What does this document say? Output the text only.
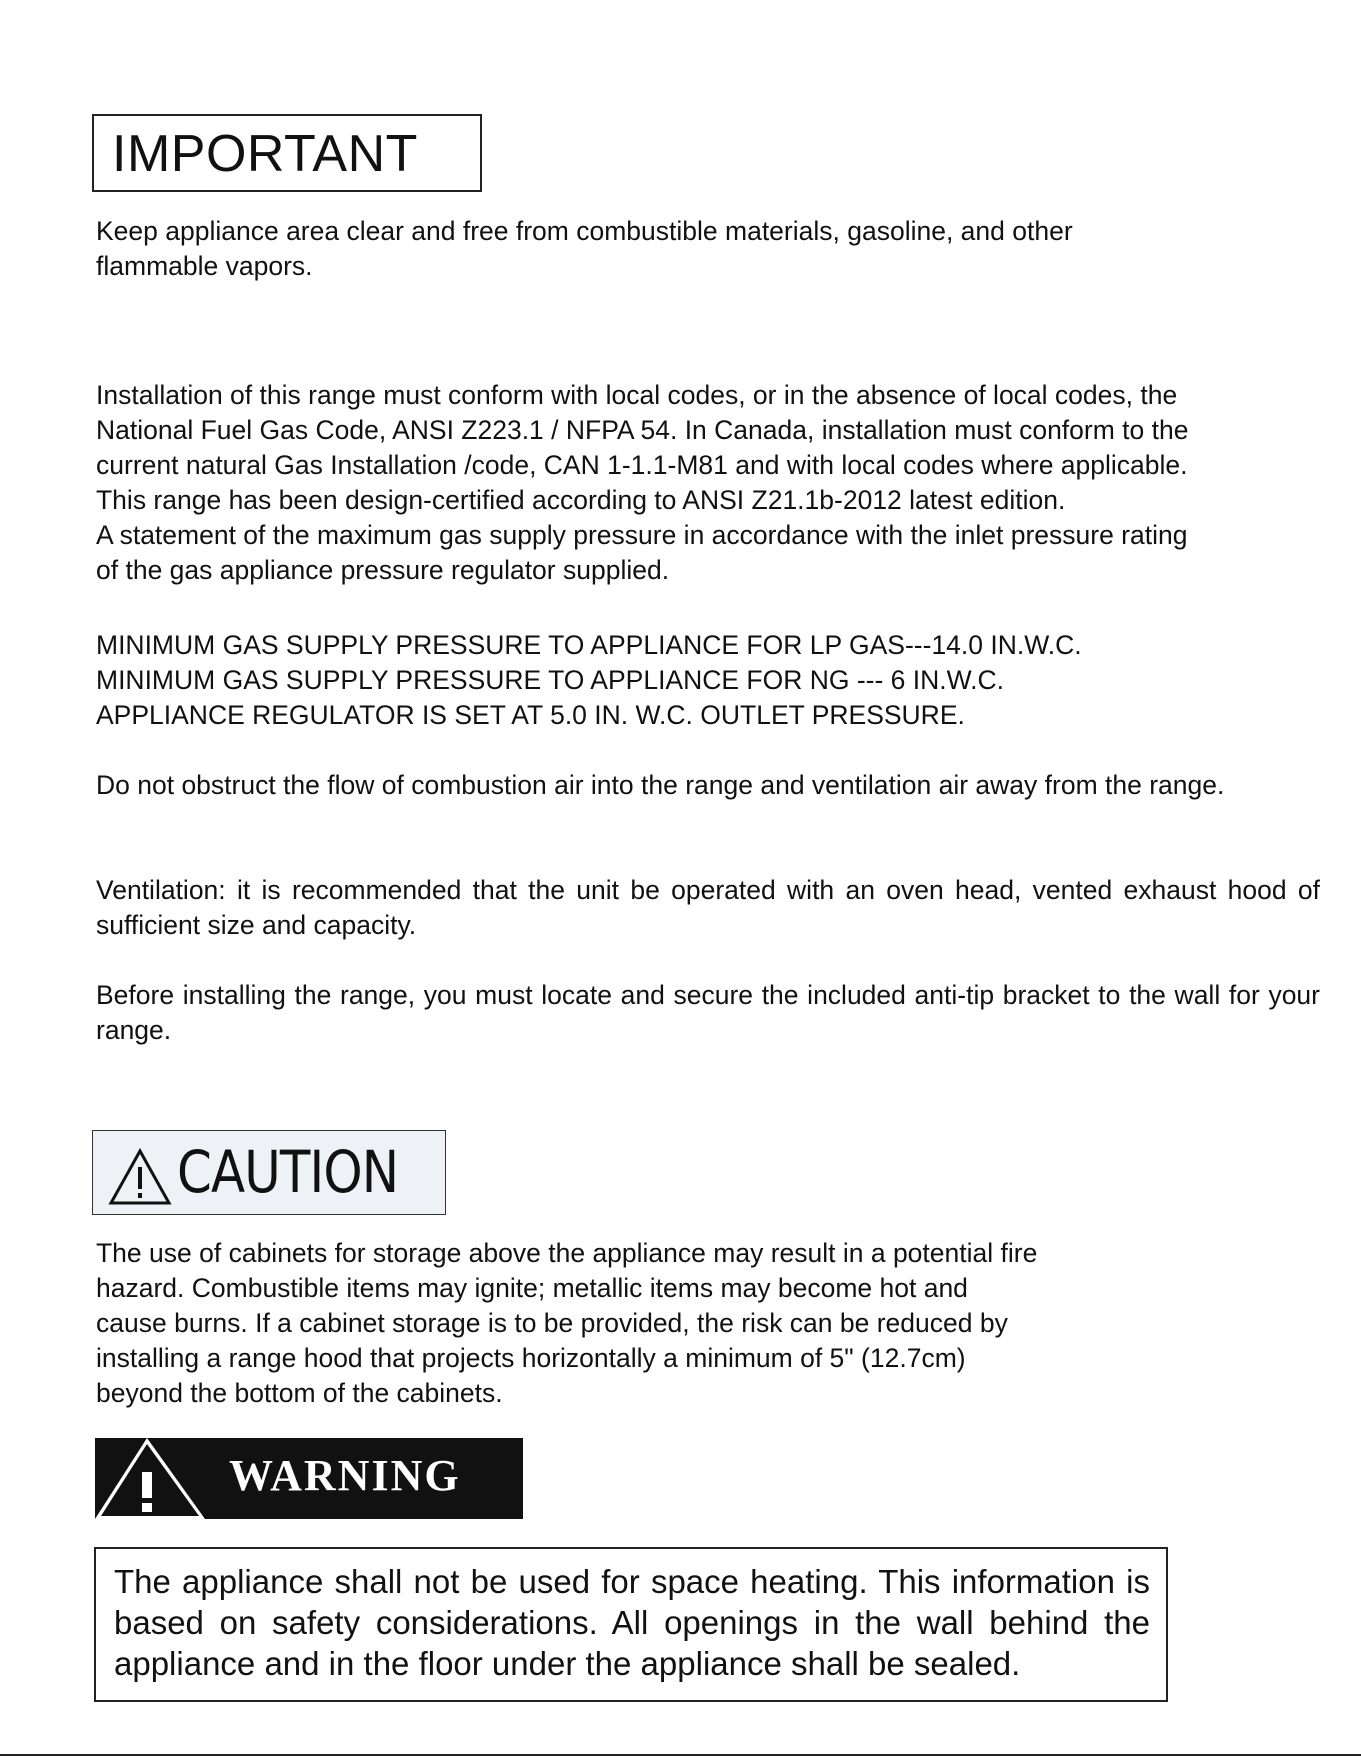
IMPORTANT

Keep appliance area clear and free from combustible materials, gasoline, and other
flammable vapors.

Installation of this range must conform with local codes, or in the absence of local codes, the
National Fuel Gas Code, ANSI Z223.1 / NFPA 54. In Canada, installation must conform to the
current natural Gas Installation /code, CAN 1-1.1-M81 and with local codes where applicable.
This range has been design-certified according to ANSI Z21.1b-2012 latest edition.
A statement of the maximum gas supply pressure in accordance with the inlet pressure rating
of the gas appliance pressure regulator supplied.

MINIMUM GAS SUPPLY PRESSURE TO APPLIANCE FOR LP GAS---14.0 IN.W.C.
MINIMUM GAS SUPPLY PRESSURE TO APPLIANCE FOR NG --- 6 IN.W.C.
APPLIANCE REGULATOR IS SET AT 5.0 IN. W.C. OUTLET PRESSURE.

Do not obstruct the flow of combustion air into the range and ventilation air away from the range.

Ventilation: it is recommended that the unit be operated with an oven head, vented exhaust hood of sufficient size and capacity.

Before installing the range, you must locate and secure the included anti-tip bracket to the wall for your range.

CAUTION

The use of cabinets for storage above the appliance may result in a potential fire
hazard. Combustible items may ignite; metallic items may become hot and
cause burns. If a cabinet storage is to be provided, the risk can be reduced by
installing a range hood that projects horizontally a minimum of 5" (12.7cm)
beyond the bottom of the cabinets.

WARNING
The appliance shall not be used for space heating. This information is based on safety considerations. All openings in the wall behind the appliance and in the floor under the appliance shall be sealed.
